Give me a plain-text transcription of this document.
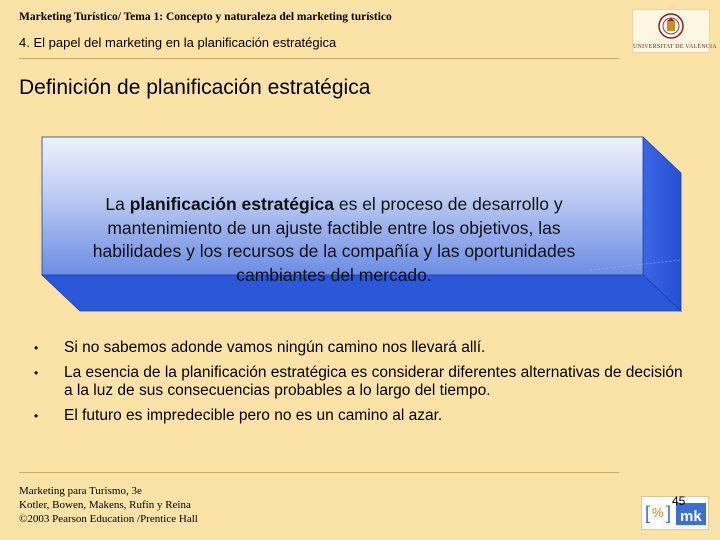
Marketing Turístico/ Tema 1: Concepto y naturaleza del marketing turístico
4. El papel del marketing en la planificación estratégica	UNIVERSITAT DE VALÈNCIA
Definición de planificación estratégica
La planificación estratégica es el proceso de desarrollo y mantenimiento de un ajuste factible entre los objetivos, las habilidades y los recursos de la compañía y las oportunidades cambiantes del mercado.
• Si no sabemos adonde vamos ningún camino nos llevará allí.
• La esencia de la planificación estratégica es considerar diferentes alternativas de decisión a la luz de sus consecuencias probables a lo largo del tiempo.
• El futuro es impredecible pero no es un camino al azar.
Marketing para Turismo, 3e
Kotler, Bowen, Makens, Rufín y Reina
©2003 Pearson Education /Prentice Hall	[ % ] mk
45
